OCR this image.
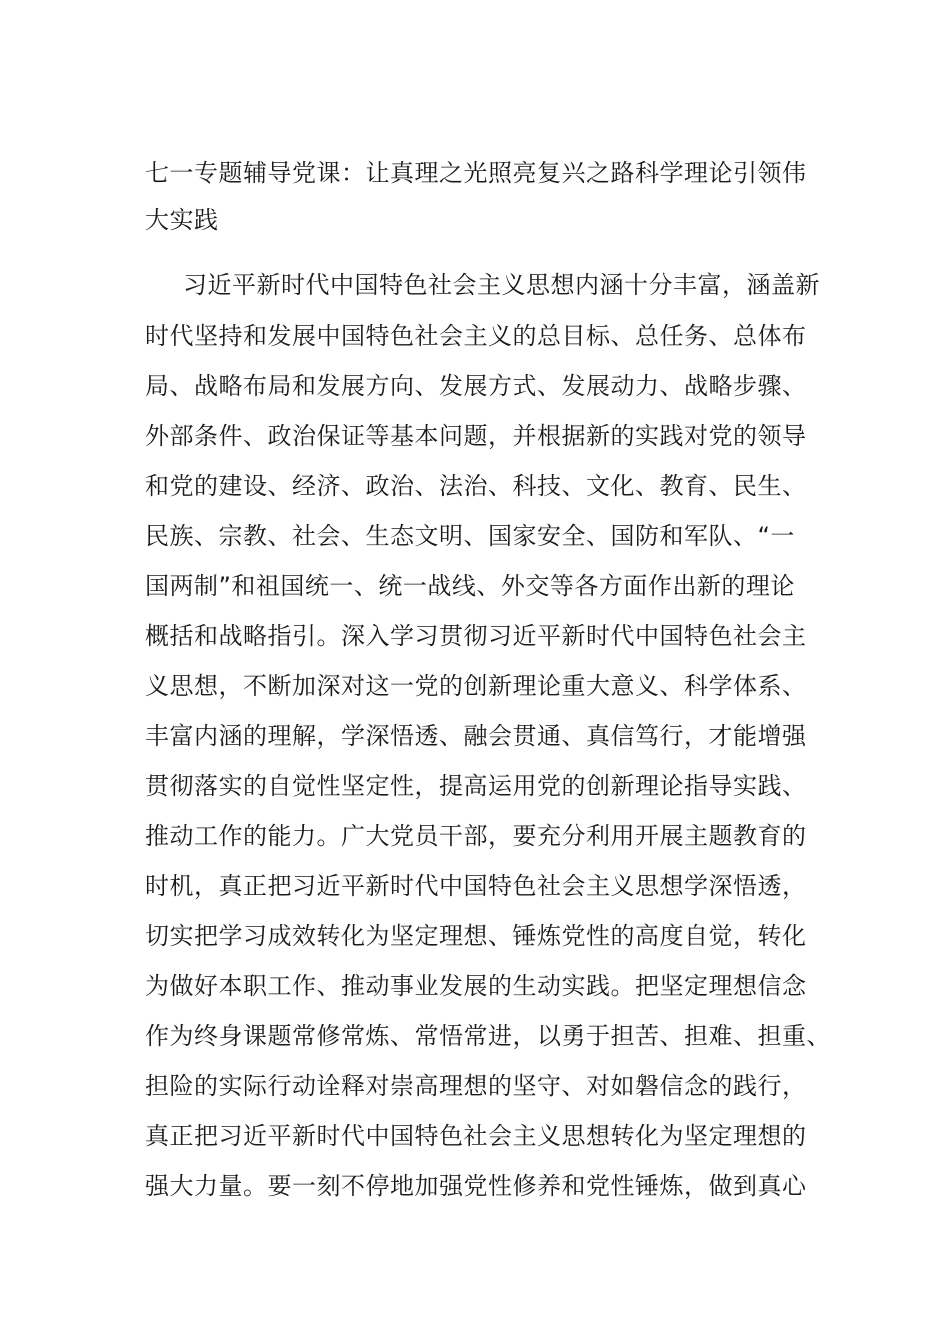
七一专题辅导党课：让真理之光照亮复兴之路科学理论引领伟大实践

习近平新时代中国特色社会主义思想内涵十分丰富，涵盖新

时代坚持和发展中国特色社会主义的总目标、总任务、总体布

局、战略布局和发展方向、发展方式、发展动力、战略步骤、

外部条件、政治保证等基本问题，并根据新的实践对党的领导

和党的建设、经济、政治、法治、科技、文化、教育、民生、

民族、宗教、社会、生态文明、国家安全、国防和军队、“一

国两制”和祖国统一、统一战线、外交等各方面作出新的理论

概括和战略指引。深入学习贯彻习近平新时代中国特色社会主

义思想，不断加深对这一党的创新理论重大意义、科学体系、

丰富内涵的理解，学深悟透、融会贯通、真信笃行，才能增强

贯彻落实的自觉性坚定性，提高运用党的创新理论指导实践、

推动工作的能力。广大党员干部，要充分利用开展主题教育的

时机，真正把习近平新时代中国特色社会主义思想学深悟透，

切实把学习成效转化为坚定理想、锤炼党性的高度自觉，转化

为做好本职工作、推动事业发展的生动实践。把坚定理想信念

作为终身课题常修常炼、常悟常进，以勇于担苦、担难、担重、

担险的实际行动诠释对崇高理想的坚守、对如磐信念的践行，

真正把习近平新时代中国特色社会主义思想转化为坚定理想的

强大力量。要一刻不停地加强党性修养和党性锤炼，做到真心
